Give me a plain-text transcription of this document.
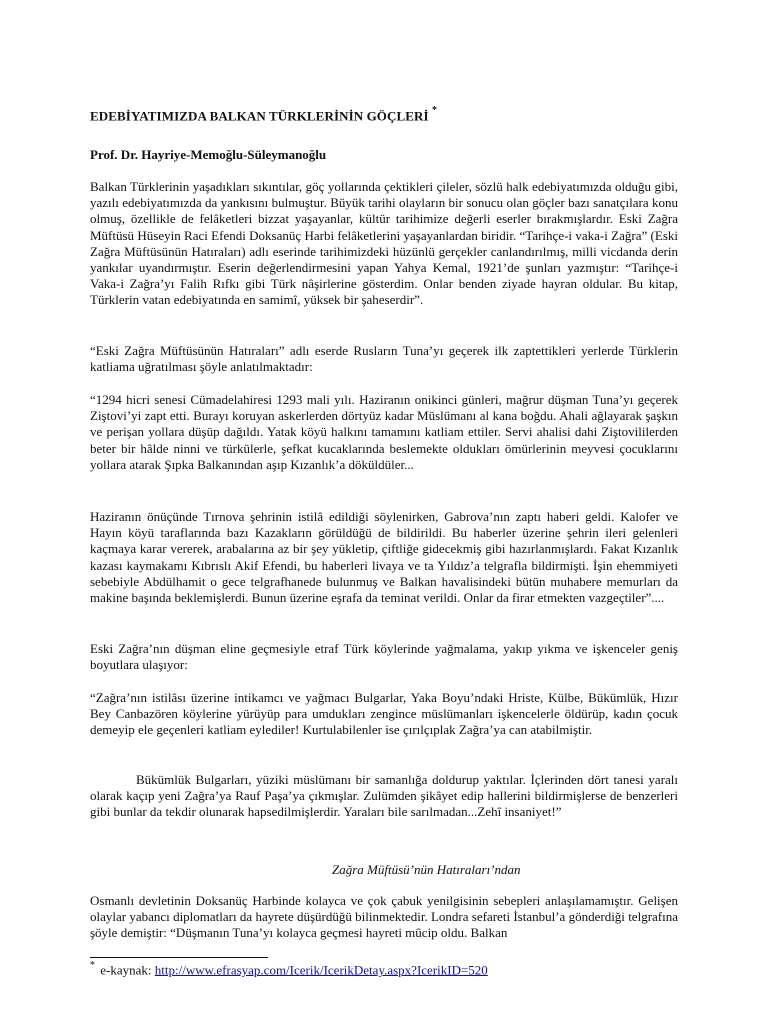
EDEBİYATIMIZDA BALKAN TÜRKLERİNİN GÖÇLERİ *
Prof. Dr. Hayriye-Memoğlu-Süleymanoğlu

Balkan Türklerinin yaşadıkları sıkıntılar, göç yollarında çektikleri çileler, sözlü halk edebiyatımızda olduğu gibi, yazılı edebiyatımızda da yankısını bulmuştur. Büyük tarihi olayların bir sonucu olan göçler bazı sanatçılara konu olmuş, özellikle de felâketleri bizzat yaşayanlar, kültür tarihimize değerli eserler bırakmışlardır. Eski Zağra Müftüsü Hüseyin Raci Efendi Doksanüç Harbi felâketlerini yaşayanlardan biridir. “Tarihçe-i vaka-i Zağra” (Eski Zağra Müftüsünün Hatıraları) adlı eserinde tarihimizdeki hüzünlü gerçekler canlandırılmış, milli vicdanda derin yankılar uyandırmıştır. Eserin değerlendirmesini yapan Yahya Kemal, 1921’de şunları yazmıştır: “Tarihçe-i Vaka-i Zağra’yı Falih Rıfkı gibi Türk nâşirlerine gösterdim. Onlar benden ziyade hayran oldular. Bu kitap, Türklerin vatan edebiyatında en samimî, yüksek bir şaheserdir”.

“Eski Zağra Müftüsünün Hatıraları” adlı eserde Rusların Tuna’yı geçerek ilk zaptettikleri yerlerde Türklerin katliama uğratılması şöyle anlatılmaktadır:

“1294 hicri senesi Cümadelahiresi 1293 mali yılı. Haziranın onikinci günleri, mağrur düşman Tuna’yı geçerek Ziştovi’yi zapt etti. Burayı koruyan askerlerden dörtyüz kadar Müslümanı al kana boğdu. Ahali ağlayarak şaşkın ve perişan yollara düşüp dağıldı. Yatak köyü halkını tamamını katliam ettiler. Servi ahalisi dahi Ziştovililerden beter bir hâlde ninni ve türkülerle, şefkat kucaklarında beslemekte oldukları ömürlerinin meyvesi çocuklarını yollara atarak Şıpka Balkanından aşıp Kızanlık’a döküldüler...

Haziranın önüçünde Tırnova şehrinin istilâ edildiği söylenirken, Gabrova’nın zaptı haberi geldi. Kalofer ve Hayın köyü taraflarında bazı Kazakların görüldüğü de bildirildi. Bu haberler üzerine şehrin ileri gelenleri kaçmaya karar vererek, arabalarına az bir şey yükletip, çiftliğe gidecekmiş gibi hazırlanmışlardı. Fakat Kızanlık kazası kaymakamı Kıbrıslı Akif Efendi, bu haberleri livaya ve ta Yıldız’a telgrafla bildirmişti. İşin ehemmiyeti sebebiyle Abdülhamit o gece telgrafhanede bulunmuş ve Balkan havalisindeki bütün muhabere memurları da makine başında beklemişlerdi. Bunun üzerine eşrafa da teminat verildi. Onlar da firar etmekten vazgeçtiler”....

Eski Zağra’nın düşman eline geçmesiyle etraf Türk köylerinde yağmalama, yakıp yıkma ve işkenceler geniş boyutlara ulaşıyor:

“Zağra’nın istilâsı üzerine intikamcı ve yağmacı Bulgarlar, Yaka Boyu’ndaki Hriste, Külbe, Bükümlük, Hızır Bey Canbazören köylerine yürüyüp para umdukları zengince müslümanları işkencelerle öldürüp, kadın çocuk demeyip ele geçenleri katliam eylediler! Kurtulabilenler ise çırılçıplak Zağra’ya can atabilmiştir.

Bükümlük Bulgarları, yüziki müslümanı bir samanlığa doldurup yaktılar. İçlerinden dört tanesi yaralı olarak kaçıp yeni Zağra’ya Rauf Paşa’ya çıkmışlar. Zulümden şikâyet edip hallerini bildirmişlerse de benzerleri gibi bunlar da tekdir olunarak hapsedilmişlerdir. Yaraları bile sarılmadan...Zehî insaniyet!”

Zağra Müftüsü’nün Hatıraları’ndan

Osmanlı devletinin Doksanüç Harbinde kolayca ve çok çabuk yenilgisinin sebepleri anlaşılamamıştır. Gelişen olaylar yabancı diplomatları da hayrete düşürdüğü bilinmektedir. Londra sefareti İstanbul’a gönderdiği telgrafına şöyle demiştir: “Düşmanın Tuna’yı kolayca geçmesi hayreti mûcip oldu. Balkan

* e-kaynak: http://www.efrasyap.com/Icerik/IcerikDetay.aspx?IcerikID=520
